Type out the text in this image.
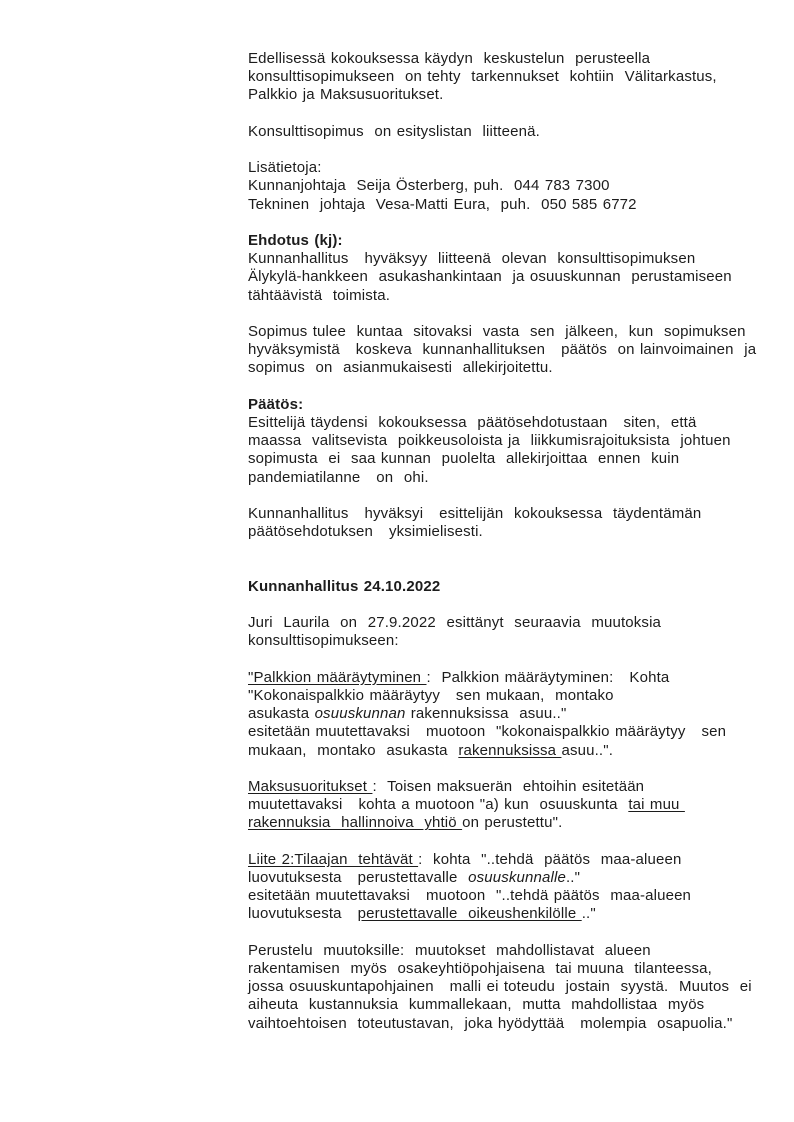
Edellisessä kokouksessa käydyn  keskustelun  perusteella
konsulttisopimukseen  on tehty  tarkennukset  kohtiin  Välitarkastus,
Palkkio ja Maksusuoritukset.
Konsulttisopimus  on esityslistan  liitteenä.
Lisätietoja:
Kunnanjohtaja  Seija Österberg, puh.  044 783 7300
Tekninen  johtaja  Vesa-Matti Eura,  puh.  050 585 6772
Ehdotus (kj):
Kunnanhallitus   hyväksyy  liitteenä  olevan  konsulttisopimuksen
Älykylä-hankkeen  asukashankintaan  ja osuuskunnan  perustamiseen
tähtäävistä  toimista.
Sopimus tulee  kuntaa  sitovaksi  vasta  sen  jälkeen,  kun  sopimuksen
hyväksymistä   koskeva  kunnanhallituksen   päätös  on lainvoimainen  ja
sopimus  on  asianmukaisesti  allekirjoitettu.
Päätös:
Esittelijä täydensi  kokouksessa  päätösehdotustaan   siten,  että
maassa  valitsevista  poikkeusoloista ja  liikkumisrajoituksista  johtuen
sopimusta  ei  saa kunnan  puolelta  allekirjoittaa  ennen  kuin
pandemiatilanne   on  ohi.
Kunnanhallitus   hyväksyi   esittelijän  kokouksessa  täydentämän
päätösehdotuksen   yksimielisesti.
Kunnanhallitus 24.10.2022
Juri  Laurila  on  27.9.2022  esittänyt  seuraavia  muutoksia
konsulttisopimukseen:
"Palkkion määräytyminen :  Palkkion määräytyminen:   Kohta
"Kokonaispalkkio määräytyy   sen mukaan,  montako
asukasta osuuskunnan rakennuksissa  asuu.."
esitetään muutettavaksi   muotoon  "kokonaispalkkio määräytyy   sen
mukaan,  montako  asukasta  rakennuksissa asuu..".
Maksusuoritukset :  Toisen maksuerän  ehtoihin esitetään
muutettavaksi   kohta a muotoon "a) kun  osuuskunta  tai muu
rakennuksia  hallinnoiva  yhtiö on perustettu".
Liite 2:Tilaajan  tehtävät :  kohta  "..tehdä  päätös  maa-alueen
luovutuksesta   perustettavalle  osuuskunnalle.."
esitetään muutettavaksi   muotoon  "..tehdä päätös  maa-alueen
luovutuksesta   perustettavalle  oikeushenkilölle .."
Perustelu  muutoksille:  muutokset  mahdollistavat  alueen
rakentamisen  myös  osakeyhtiöpohjaisena  tai muuna  tilanteessa,
jossa osuuskuntapohjainen   malli ei toteudu  jostain  syystä.  Muutos  ei
aiheuta  kustannuksia  kummallekaan,  mutta  mahdollistaa  myös
vaihtoehtoisen  toteutustavan,  joka hyödyttää   molempia  osapuolia."
